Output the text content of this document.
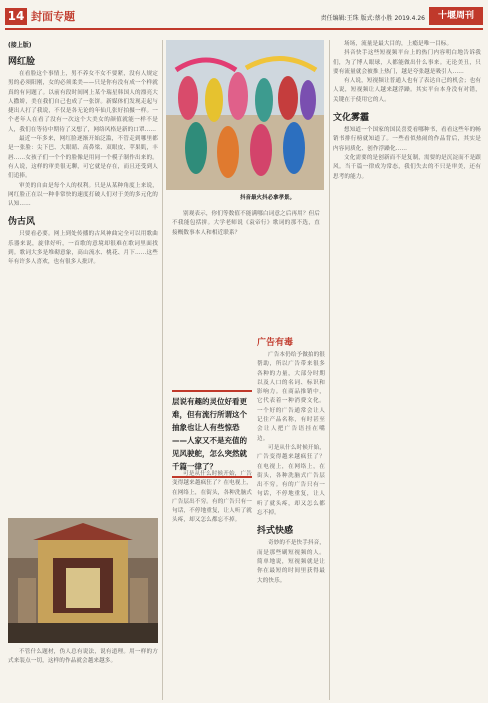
14 封面专题	责任编辑:王珠 版式:蔡小胜 2019.4.26	十堰周刊
(接上版)
网红脸

在看脸这个事情上，男不养女不女不要紧，没有人规定男的必须阳刚，女的必须柔美——只是你有没有成一个样就真的有问题了。以前有段时间网上某个瑞星韩国人的漂亮大人撒娇，美在我们自己也成了一张饼。新媒体们发现走起与捷出人打了我说，不仅是各无论的年仙几张好拍摄一样。一个老年人在看了没有一次这个大美女的颜值就能一样不是人，我们在等待中期待了又想了，网络风格是新的口罩……

最近一年多来，网红脸逐渐开始泛滥，不管走到哪里都是一张脸：尖下巴、大眼睛、高鼻梁、双眼皮、苹果肌，丰唇……女孩子们一个个的脸像是用同一个模子制作出来的。有人说，这样的审美很无聊，可它就是存在，而且还受到人们追捧。

审美的自由是每个人的权利。只是从某种角度上来说，网红脸正在以一种非常快的速度打破人们对于美的多元化的认知……

伪古风

只要看必要。网上到处传播的古风神曲完全可以用歌曲乐器来说，旋律好听，一首歌的意境却很难在歌词里面找到。歌词大多是堆砌意象，高山流水、桃花、月下……这些年有许多人喜欢，也有很多人批评。

不管什么题材，伪人总有说法，说有道理。用一样的方式来装点一切，这样的作品就会越来越多。

抖音最火抖必拿孝景。

别观表示，你们等数值不能满哪白词意之后再用？但后不我能包括拼。大学老师说《袁帝行》歌词的那不选，直接概数事本人和相近联系？

层说有趣的灵位好看更难，但有流行所谓这个抽象也让人有些惊恐——人家又不是充值的见风驶舵，怎么突然就千篇一律了？
广告有毒

广告本仍给予做拍的很帮助，所以广告带来很多各种的力量，大部分时期以及人口的名词、标识和影响力。在商品推销中，它代表着一种消费文化。一个好的广告通常会让人记住产品名称，有时甚至会让人把广告语挂在嘴边。

可是从什么时候开始，广告变得越来越疯狂了？在电视上，在网络上，在街头，各种洗脑式广告层出不穷。有的广告只有一句话，不停地重复，让人听了就头疼，却又怎么都忘不掉。

抖式快感

奇妙的不是快手抖音，而是那些刷短视频的人。简单地说，短视频就是让你在最短的时间里获得最大的快乐。

可是从什么时候开始，广告变得越来越疯狂了？在电视上，在网络上，在街头，各种洗脑式广告层出不穷。有的广告只有一句话，不停地重复，让人听了就头疼，却又怎么都忘不掉。

场场，流量是最大目的，上瘾是唯一目标。

抖音快手这些短视频平台上的热门内容明白地告诉我们，为了博人眼球，人都能做出什么事来。无论美丑，只要有流量就会被推上热门，越是夸张越是吸引人……

有人说，短视频让普通人也有了表达自己的机会；也有人说，短视频让人越来越浮躁。其实平台本身没有对错，关键在于使用它的人。

文化雾霾

想知道一个国家的国民喜爱看哪种书，看看这些年的畅销书排行榜就知道了。一些看似热闹的作品背后，其实是内容同质化、创作浮躁化……

文化需要的是创新而不是复制，需要的是沉淀而不是跟风。当千篇一律成为常态，我们失去的不只是审美，还有思考的能力。
